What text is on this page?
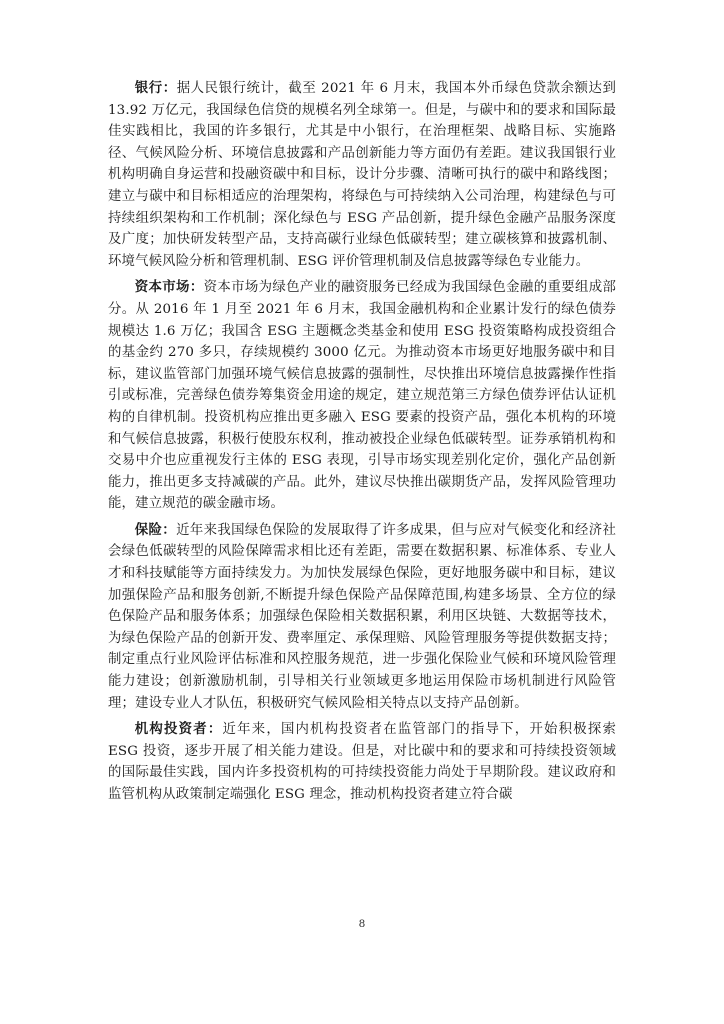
银行：据人民银行统计，截至 2021 年 6 月末，我国本外币绿色贷款余额达到 13.92 万亿元，我国绿色信贷的规模名列全球第一。但是，与碳中和的要求和国际最佳实践相比，我国的许多银行，尤其是中小银行，在治理框架、战略目标、实施路径、气候风险分析、环境信息披露和产品创新能力等方面仍有差距。建议我国银行业机构明确自身运营和投融资碳中和目标，设计分步骤、清晰可执行的碳中和路线图；建立与碳中和目标相适应的治理架构，将绿色与可持续纳入公司治理，构建绿色与可持续组织架构和工作机制；深化绿色与 ESG 产品创新，提升绿色金融产品服务深度及广度；加快研发转型产品，支持高碳行业绿色低碳转型；建立碳核算和披露机制、环境气候风险分析和管理机制、ESG 评价管理机制及信息披露等绿色专业能力。

资本市场：资本市场为绿色产业的融资服务已经成为我国绿色金融的重要组成部分。从 2016 年 1 月至 2021 年 6 月末，我国金融机构和企业累计发行的绿色债券规模达 1.6 万亿；我国含 ESG 主题概念类基金和使用 ESG 投资策略构成投资组合的基金约 270 多只，存续规模约 3000 亿元。为推动资本市场更好地服务碳中和目标，建议监管部门加强环境气候信息披露的强制性，尽快推出环境信息披露操作性指引或标准，完善绿色债券筹集资金用途的规定，建立规范第三方绿色债券评估认证机构的自律机制。投资机构应推出更多融入 ESG 要素的投资产品，强化本机构的环境和气候信息披露，积极行使股东权利，推动被投企业绿色低碳转型。证券承销机构和交易中介也应重视发行主体的 ESG 表现，引导市场实现差别化定价，强化产品创新能力，推出更多支持减碳的产品。此外，建议尽快推出碳期货产品，发挥风险管理功能，建立规范的碳金融市场。

保险：近年来我国绿色保险的发展取得了许多成果，但与应对气候变化和经济社会绿色低碳转型的风险保障需求相比还有差距，需要在数据积累、标准体系、专业人才和科技赋能等方面持续发力。为加快发展绿色保险，更好地服务碳中和目标，建议加强保险产品和服务创新,不断提升绿色保险产品保障范围,构建多场景、全方位的绿色保险产品和服务体系；加强绿色保险相关数据积累，利用区块链、大数据等技术，为绿色保险产品的创新开发、费率厘定、承保理赔、风险管理服务等提供数据支持；制定重点行业风险评估标准和风控服务规范，进一步强化保险业气候和环境风险管理能力建设；创新激励机制，引导相关行业领域更多地运用保险市场机制进行风险管理；建设专业人才队伍，积极研究气候风险相关特点以支持产品创新。

机构投资者：近年来，国内机构投资者在监管部门的指导下，开始积极探索 ESG 投资，逐步开展了相关能力建设。但是，对比碳中和的要求和可持续投资领域的国际最佳实践，国内许多投资机构的可持续投资能力尚处于早期阶段。建议政府和监管机构从政策制定端强化 ESG 理念，推动机构投资者建立符合碳

8
